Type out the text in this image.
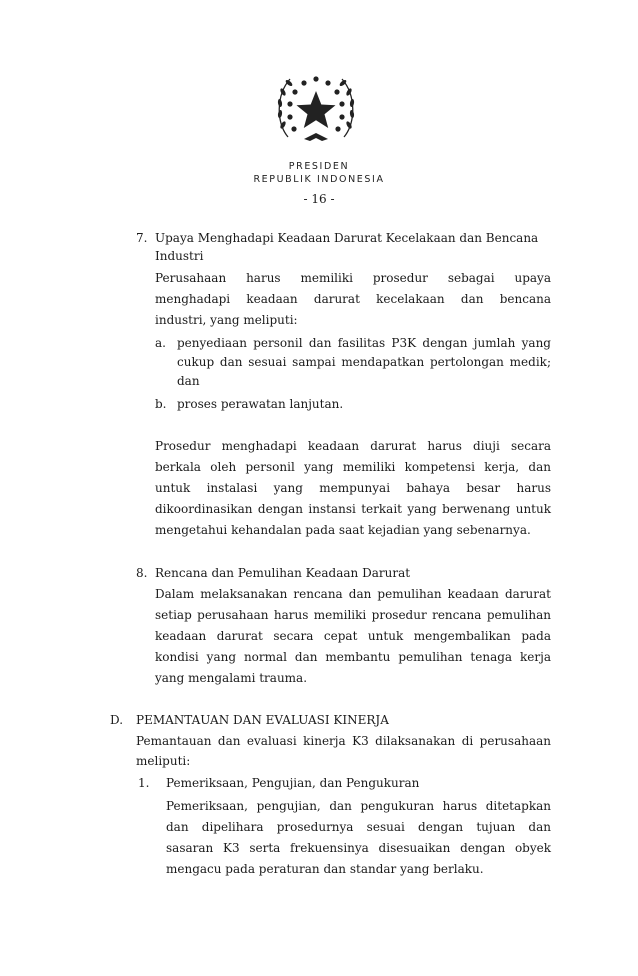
PRESIDEN
REPUBLIK INDONESIA
- 16 -
7. Upaya Menghadapi Keadaan Darurat Kecelakaan dan Bencana
Industri
Perusahaan harus memiliki prosedur sebagai upaya
menghadapi keadaan darurat kecelakaan dan bencana
industri, yang meliputi:
a. penyediaan personil dan fasilitas P3K dengan jumlah yang
cukup dan sesuai sampai mendapatkan pertolongan medik;
dan
b. proses perawatan lanjutan.
Prosedur menghadapi keadaan darurat harus diuji secara
berkala oleh personil yang memiliki kompetensi kerja, dan
untuk instalasi yang mempunyai bahaya besar harus
dikoordinasikan dengan instansi terkait yang berwenang untuk
mengetahui kehandalan pada saat kejadian yang sebenarnya.
8. Rencana dan Pemulihan Keadaan Darurat
Dalam melaksanakan rencana dan pemulihan keadaan darurat
setiap perusahaan harus memiliki prosedur rencana pemulihan
keadaan darurat secara cepat untuk mengembalikan pada
kondisi yang normal dan membantu pemulihan tenaga kerja
yang mengalami trauma.
D. PEMANTAUAN DAN EVALUASI KINERJA
Pemantauan dan evaluasi kinerja K3 dilaksanakan di perusahaan
meliputi:
1. Pemeriksaan, Pengujian, dan Pengukuran
Pemeriksaan, pengujian, dan pengukuran harus ditetapkan
dan dipelihara prosedurnya sesuai dengan tujuan dan
sasaran K3 serta frekuensinya disesuaikan dengan obyek
mengacu pada peraturan dan standar yang berlaku.
